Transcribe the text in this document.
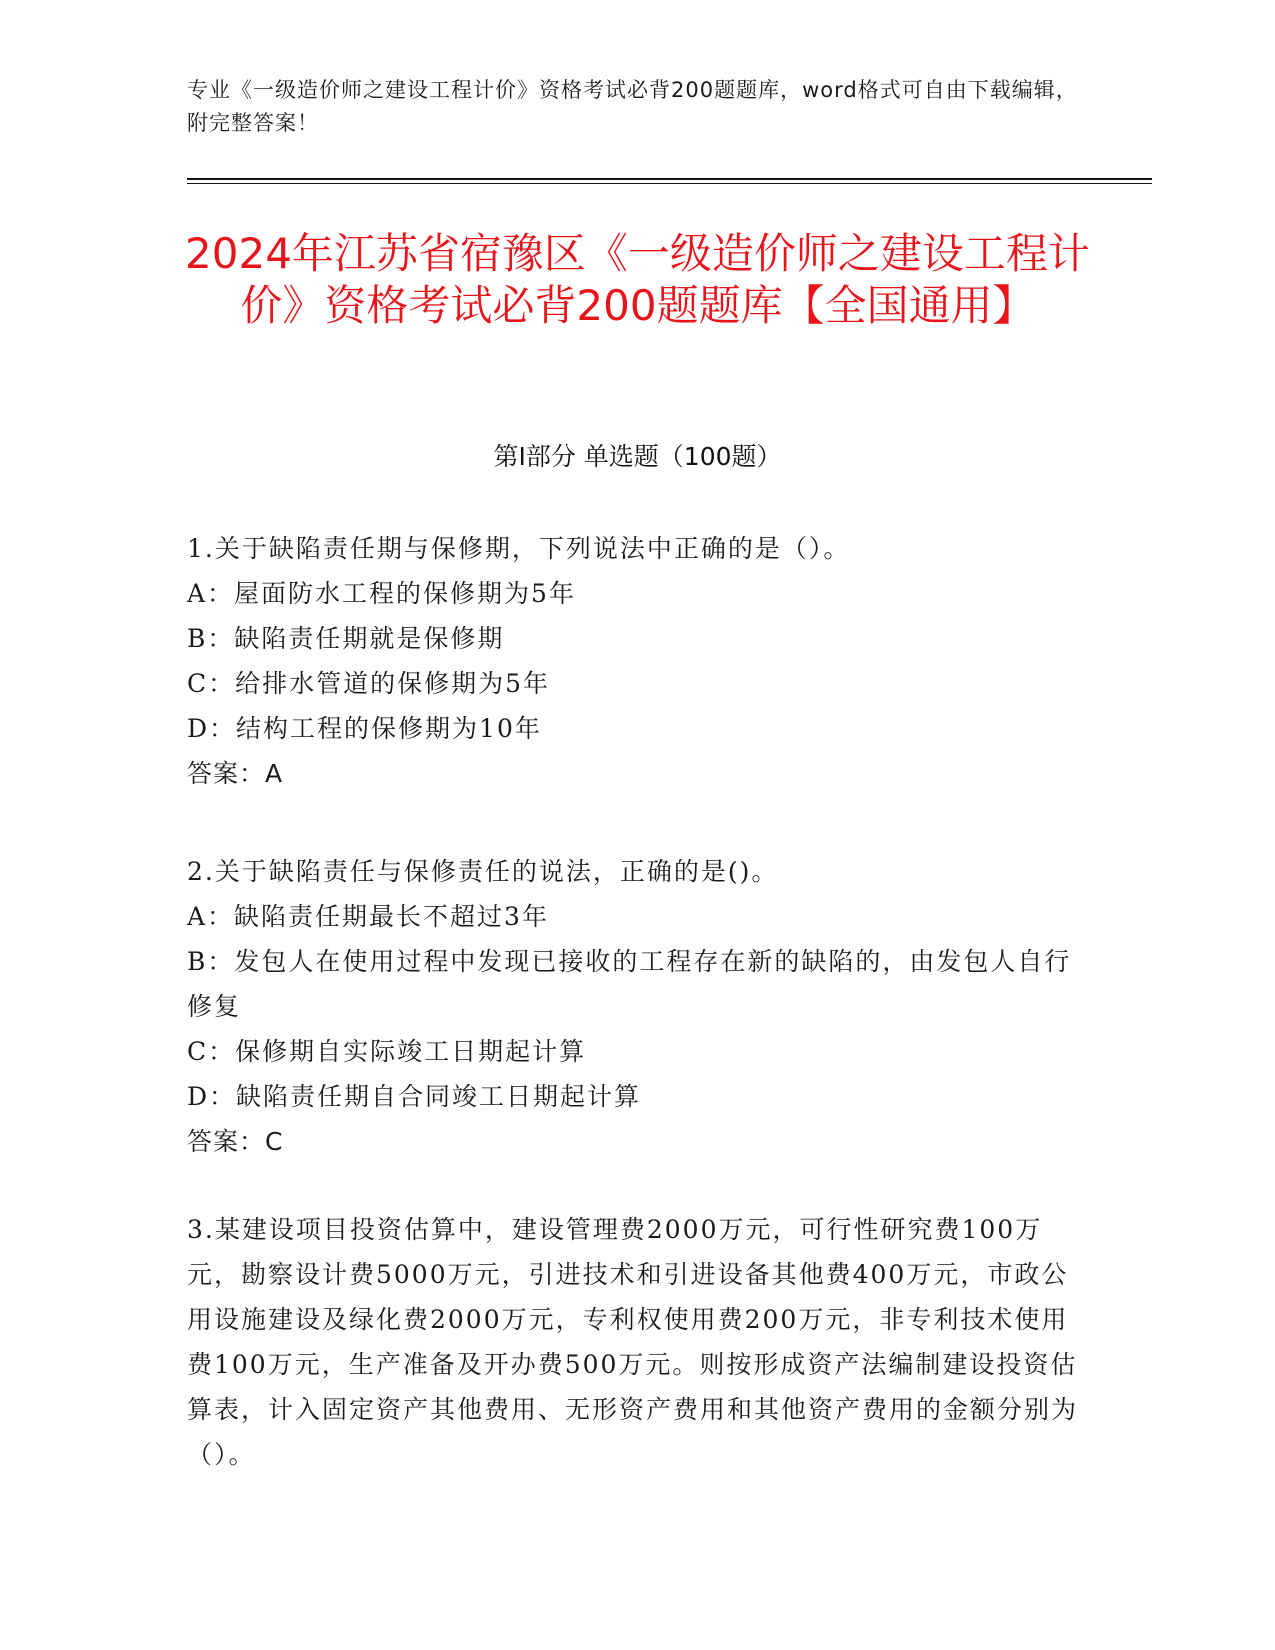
专业《一级造价师之建设工程计价》资格考试必背200题题库，word格式可自由下载编辑，附完整答案！
2024年江苏省宿豫区《一级造价师之建设工程计价》资格考试必背200题题库【全国通用】
第I部分 单选题（100题）
1.关于缺陷责任期与保修期，下列说法中正确的是（）。
A：屋面防水工程的保修期为5年
B：缺陷责任期就是保修期
C：给排水管道的保修期为5年
D：结构工程的保修期为10年
答案：A
2.关于缺陷责任与保修责任的说法，正确的是()。
A：缺陷责任期最长不超过3年
B：发包人在使用过程中发现已接收的工程存在新的缺陷的，由发包人自行修复
C：保修期自实际竣工日期起计算
D：缺陷责任期自合同竣工日期起计算
答案：C
3.某建设项目投资估算中，建设管理费2000万元，可行性研究费100万元，勘察设计费5000万元，引进技术和引进设备其他费400万元，市政公用设施建设及绿化费2000万元，专利权使用费200万元，非专利技术使用费100万元，生产准备及开办费500万元。则按形成资产法编制建设投资估算表，计入固定资产其他费用、无形资产费用和其他资产费用的金额分别为（）。
